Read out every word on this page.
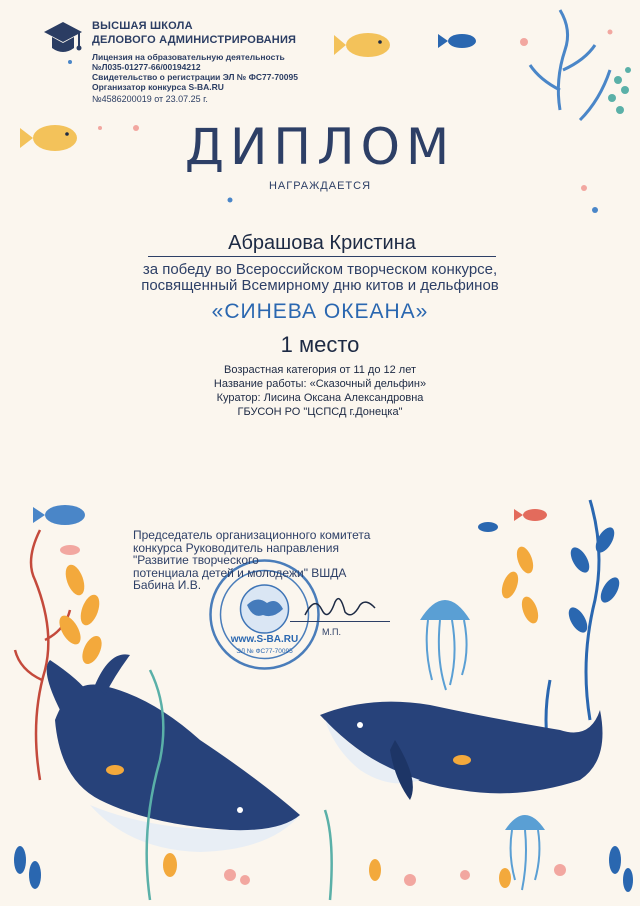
ВЫСШАЯ ШКОЛА
ДЕЛОВОГО АДМИНИСТРИРОВАНИЯ
Лицензия на образовательную деятельность
№Л035-01277-66/00194212
Свидетельство о регистрации ЭЛ № ФС77-70095
Организатор конкурса S-BA.RU
№4586200019 от 23.07.25 г.
ДИПЛОМ
НАГРАЖДАЕТСЯ
Абрашова Кристина
за победу во Всероссийском творческом конкурсе,
посвященный Всемирному дню китов и дельфинов
«СИНЕВА ОКЕАНА»
1 место
Возрастная категория от 11 до 12 лет
Название работы: «Сказочный дельфин»
Куратор: Лисина Оксана Александровна
ГБУСОН РО "ЦСПСД г.Донецка"
www.S-BA.RU
ЭЛ № ФС77-70095
Председатель организационного комитета
конкурса Руководитель направления
"Развитие творческого
потенциала детей и молодежи" ВШДА
Бабина И.В.
М.П.
